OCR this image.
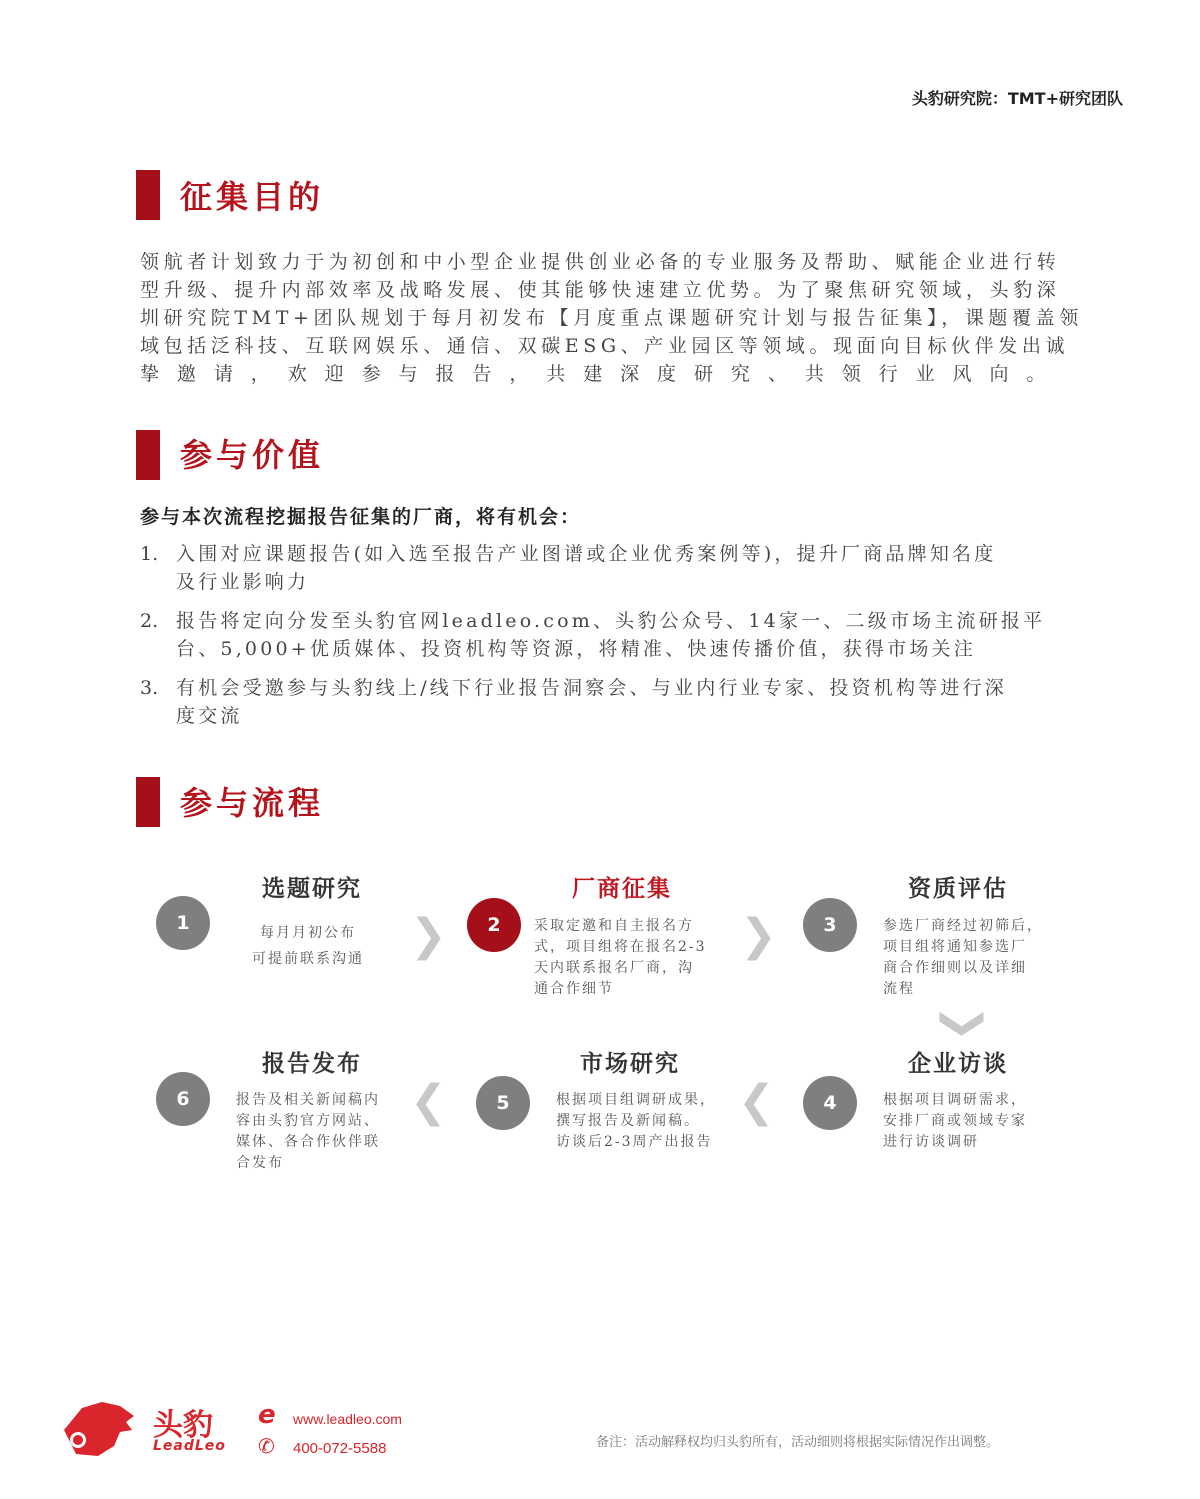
头豹研究院：TMT+研究团队
征集目的
领航者计划致力于为初创和中小型企业提供创业必备的专业服务及帮助、赋能企业进行转
型升级、提升内部效率及战略发展、使其能够快速建立优势。为了聚焦研究领域，头豹深
圳研究院TMT+团队规划于每月初发布【月度重点课题研究计划与报告征集】，课题覆盖领
域包括泛科技、互联网娱乐、通信、双碳ESG、产业园区等领域。现面向目标伙伴发出诚
挚邀请，欢迎参与报告，共建深度研究、共领行业风向。
参与价值
参与本次流程挖掘报告征集的厂商，将有机会：
1. 入围对应课题报告(如入选至报告产业图谱或企业优秀案例等)，提升厂商品牌知名度
及行业影响力
2. 报告将定向分发至头豹官网leadleo.com、头豹公众号、14家一、二级市场主流研报平
台、5,000+优质媒体、投资机构等资源，将精准、快速传播价值，获得市场关注
3. 有机会受邀参与头豹线上/线下行业报告洞察会、与业内行业专家、投资机构等进行深
度交流
参与流程
选题研究
1	每月月初公布
可提前联系沟通 ❯
厂商征集
2	采取定邀和自主报名方
式，项目组将在报名2-3
天内联系报名厂商，沟
通合作细节
❯
资质评估
3	参选厂商经过初筛后，
项目组将通知参选厂
商合作细则以及详细
流程
❯
报告发布
6	报告及相关新闻稿内
容由头豹官方网站、
媒体、各合作伙伴联
合发布
❮
市场研究
5	根据项目组调研成果，
撰写报告及新闻稿。
访谈后2-3周产出报告
❮
企业访谈
4	根据项目调研需求，
安排厂商或领域专家
进行访谈调研
头豹
LeadLeo
e www.leadleo.com
✆ 400-072-5588	备注：活动解释权均归头豹所有，活动细则将根据实际情况作出调整。
